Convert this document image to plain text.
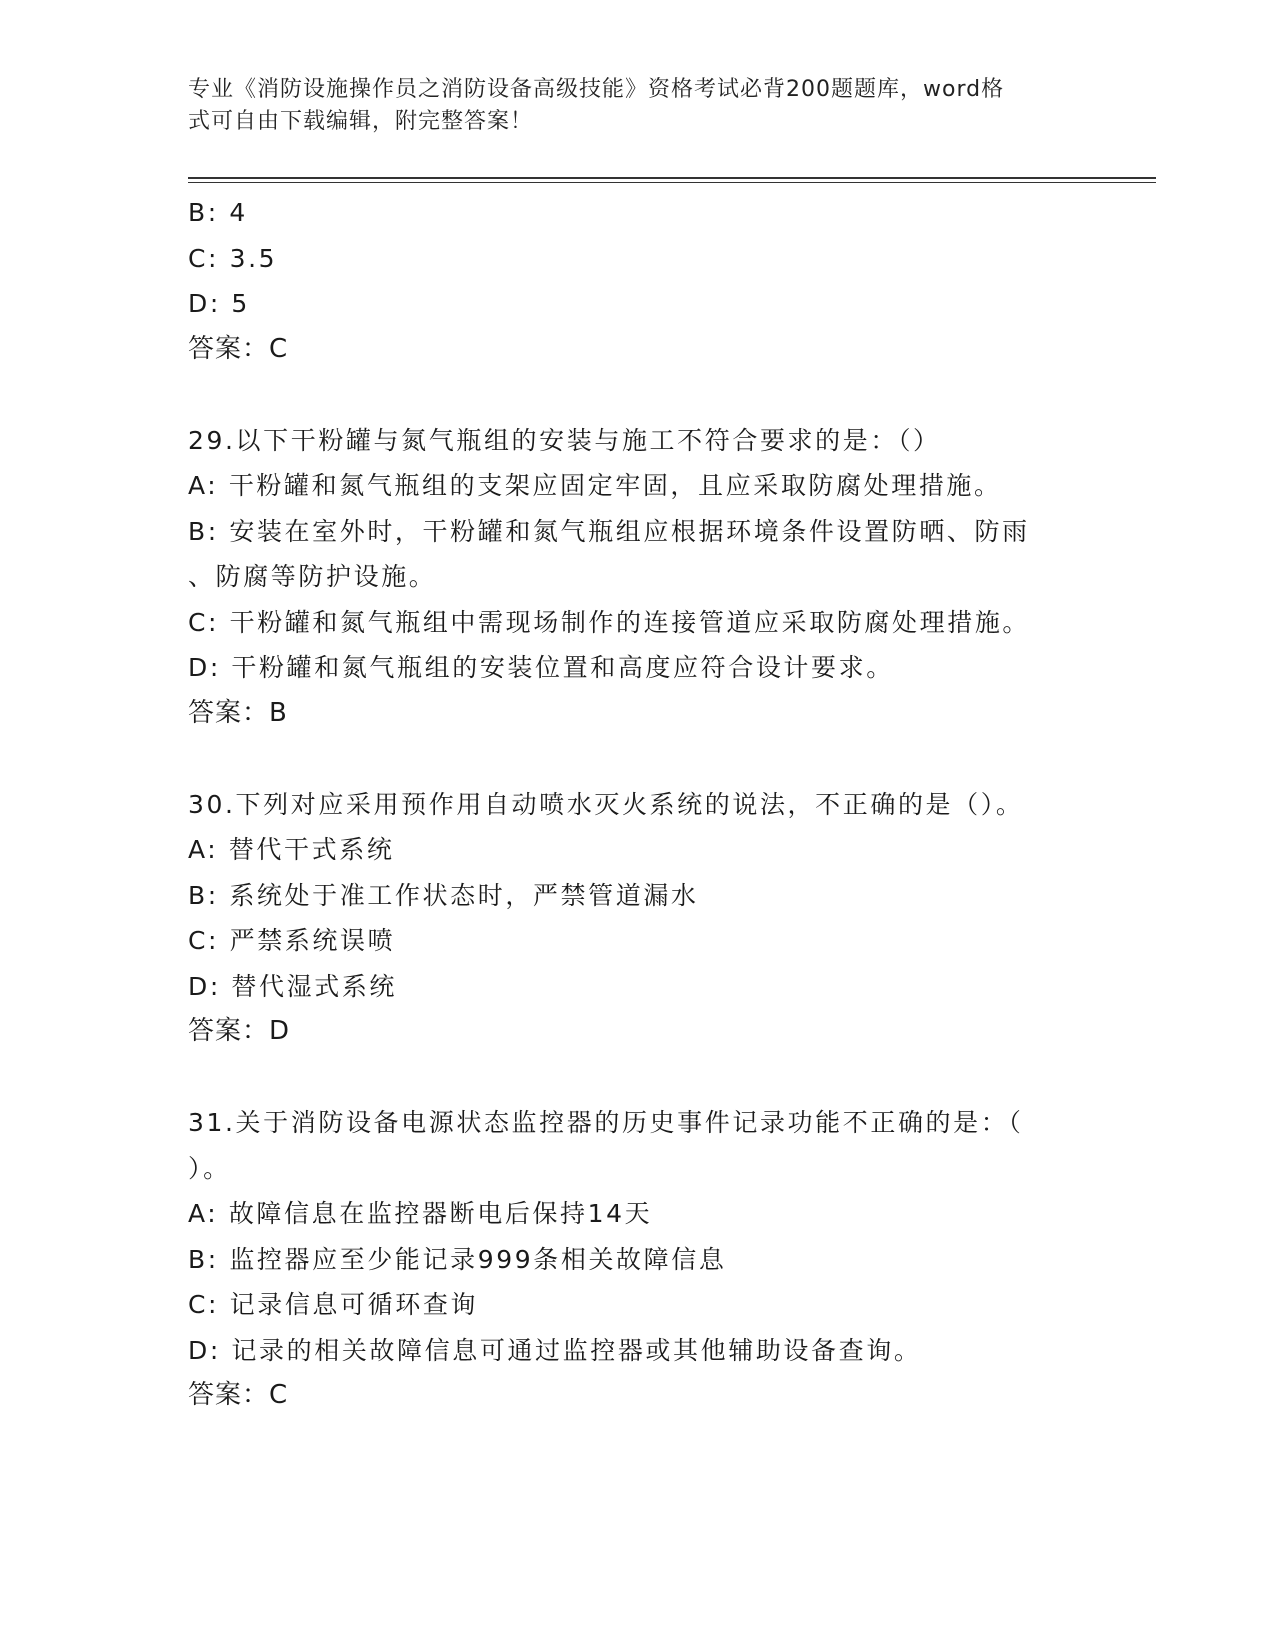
专业《消防设施操作员之消防设备高级技能》资格考试必背200题题库，word格
式可自由下载编辑，附完整答案！
B: 4
C: 3.5
D: 5
答案：C
29.以下干粉罐与氮气瓶组的安装与施工不符合要求的是：（）
A: 干粉罐和氮气瓶组的支架应固定牢固，且应采取防腐处理措施。
B: 安装在室外时，干粉罐和氮气瓶组应根据环境条件设置防晒、防雨
、防腐等防护设施。
C: 干粉罐和氮气瓶组中需现场制作的连接管道应采取防腐处理措施。
D: 干粉罐和氮气瓶组的安装位置和高度应符合设计要求。
答案：B
30.下列对应采用预作用自动喷水灭火系统的说法，不正确的是（）。
A: 替代干式系统
B: 系统处于准工作状态时，严禁管道漏水
C: 严禁系统误喷
D: 替代湿式系统
答案：D
31.关于消防设备电源状态监控器的历史事件记录功能不正确的是：（
）。
A: 故障信息在监控器断电后保持14天
B: 监控器应至少能记录999条相关故障信息
C: 记录信息可循环查询
D: 记录的相关故障信息可通过监控器或其他辅助设备查询。
答案：C
